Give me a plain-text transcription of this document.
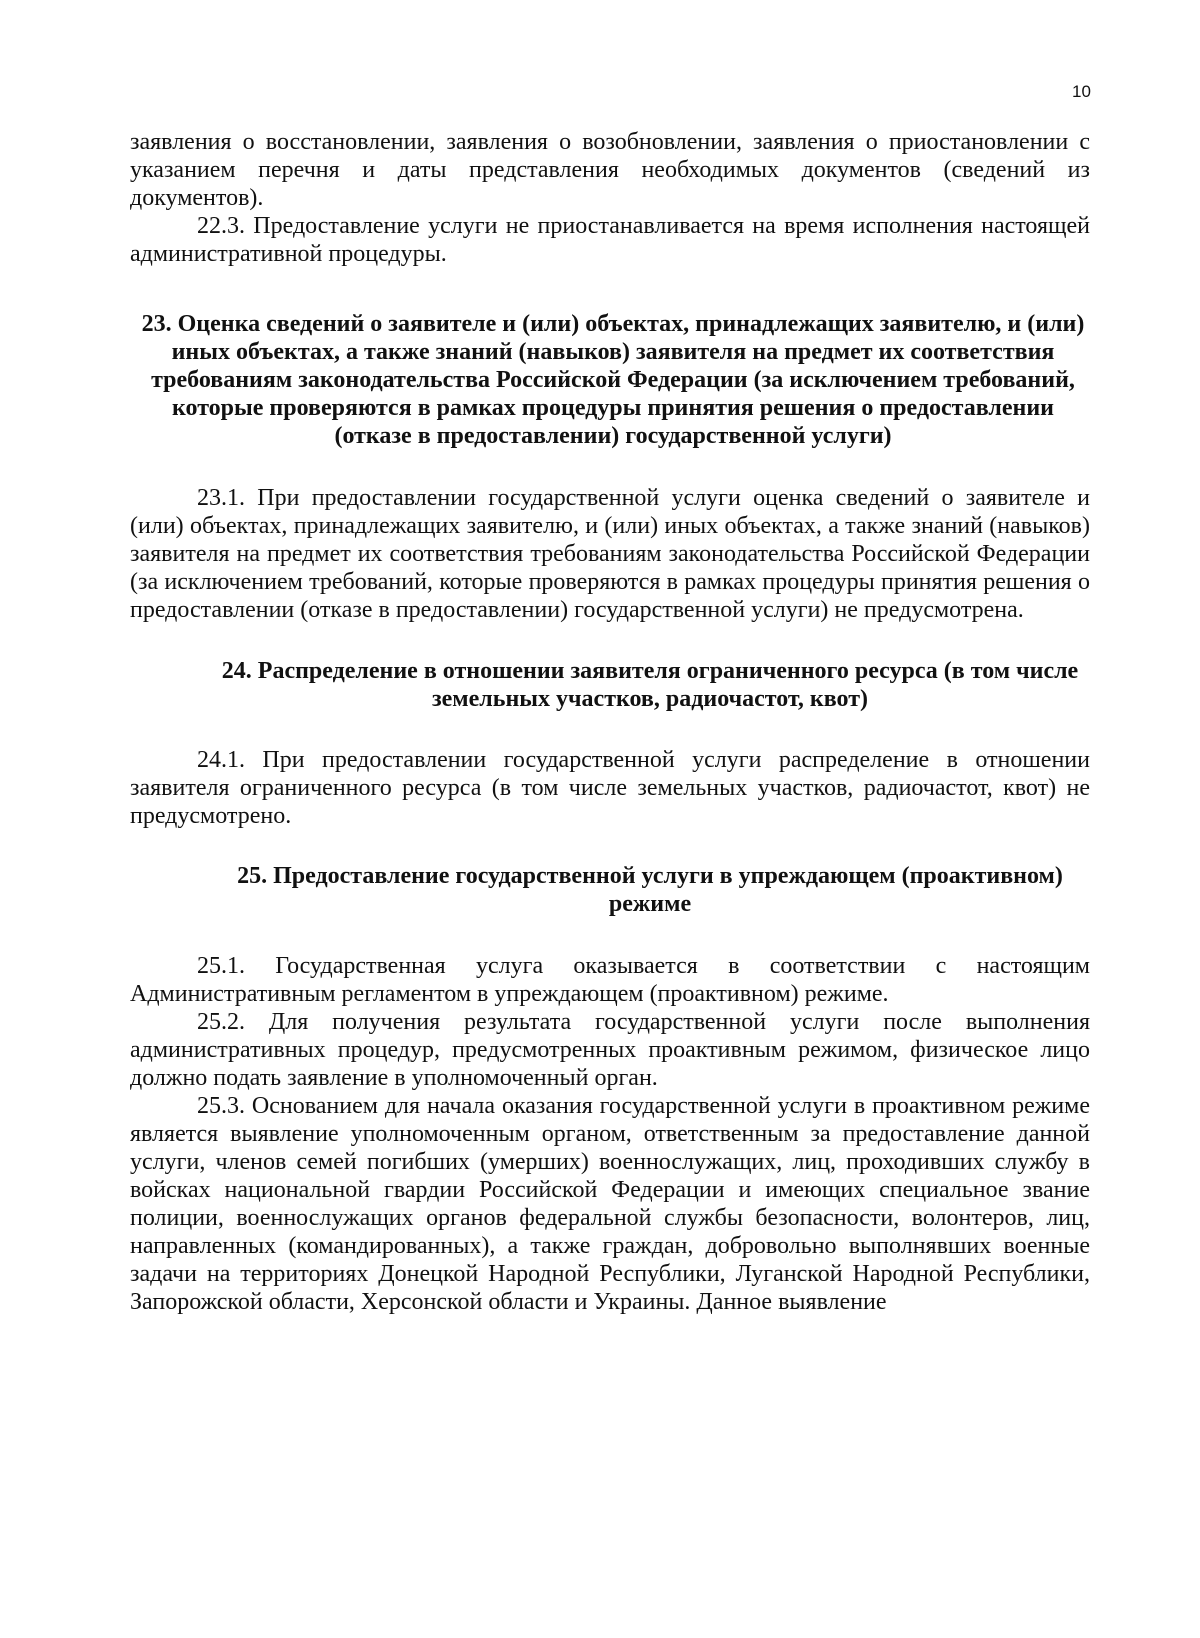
10

заявления о восстановлении, заявления о возобновлении, заявления о приостановлении с указанием перечня и даты представления необходимых документов (сведений из документов).

22.3. Предоставление услуги не приостанавливается на время исполнения настоящей административной процедуры.

23. Оценка сведений о заявителе и (или) объектах, принадлежащих заявителю, и (или) иных объектах, а также знаний (навыков) заявителя на предмет их соответствия требованиям законодательства Российской Федерации (за исключением требований, которые проверяются в рамках процедуры принятия решения о предоставлении (отказе в предоставлении) государственной услуги)

23.1. При предоставлении государственной услуги оценка сведений о заявителе и (или) объектах, принадлежащих заявителю, и (или) иных объектах, а также знаний (навыков) заявителя на предмет их соответствия требованиям законодательства Российской Федерации (за исключением требований, которые проверяются в рамках процедуры принятия решения о предоставлении (отказе в предоставлении) государственной услуги) не предусмотрена.

24. Распределение в отношении заявителя ограниченного ресурса (в том числе земельных участков, радиочастот, квот)

24.1. При предоставлении государственной услуги распределение в отношении заявителя ограниченного ресурса (в том числе земельных участков, радиочастот, квот) не предусмотрено.

25. Предоставление государственной услуги в упреждающем (проактивном) режиме

25.1. Государственная услуга оказывается в соответствии с настоящим Административным регламентом в упреждающем (проактивном) режиме.

25.2. Для получения результата государственной услуги после выполнения административных процедур, предусмотренных проактивным режимом, физическое лицо должно подать заявление в уполномоченный орган.

25.3. Основанием для начала оказания государственной услуги в проактивном режиме является выявление уполномоченным органом, ответственным за предоставление данной услуги, членов семей погибших (умерших) военнослужащих, лиц, проходивших службу в войсках национальной гвардии Российской Федерации и имеющих специальное звание полиции, военнослужащих органов федеральной службы безопасности, волонтеров, лиц, направленных (командированных), а также граждан, добровольно выполнявших военные задачи на территориях Донецкой Народной Республики, Луганской Народной Республики, Запорожской области, Херсонской области и Украины. Данное выявление
